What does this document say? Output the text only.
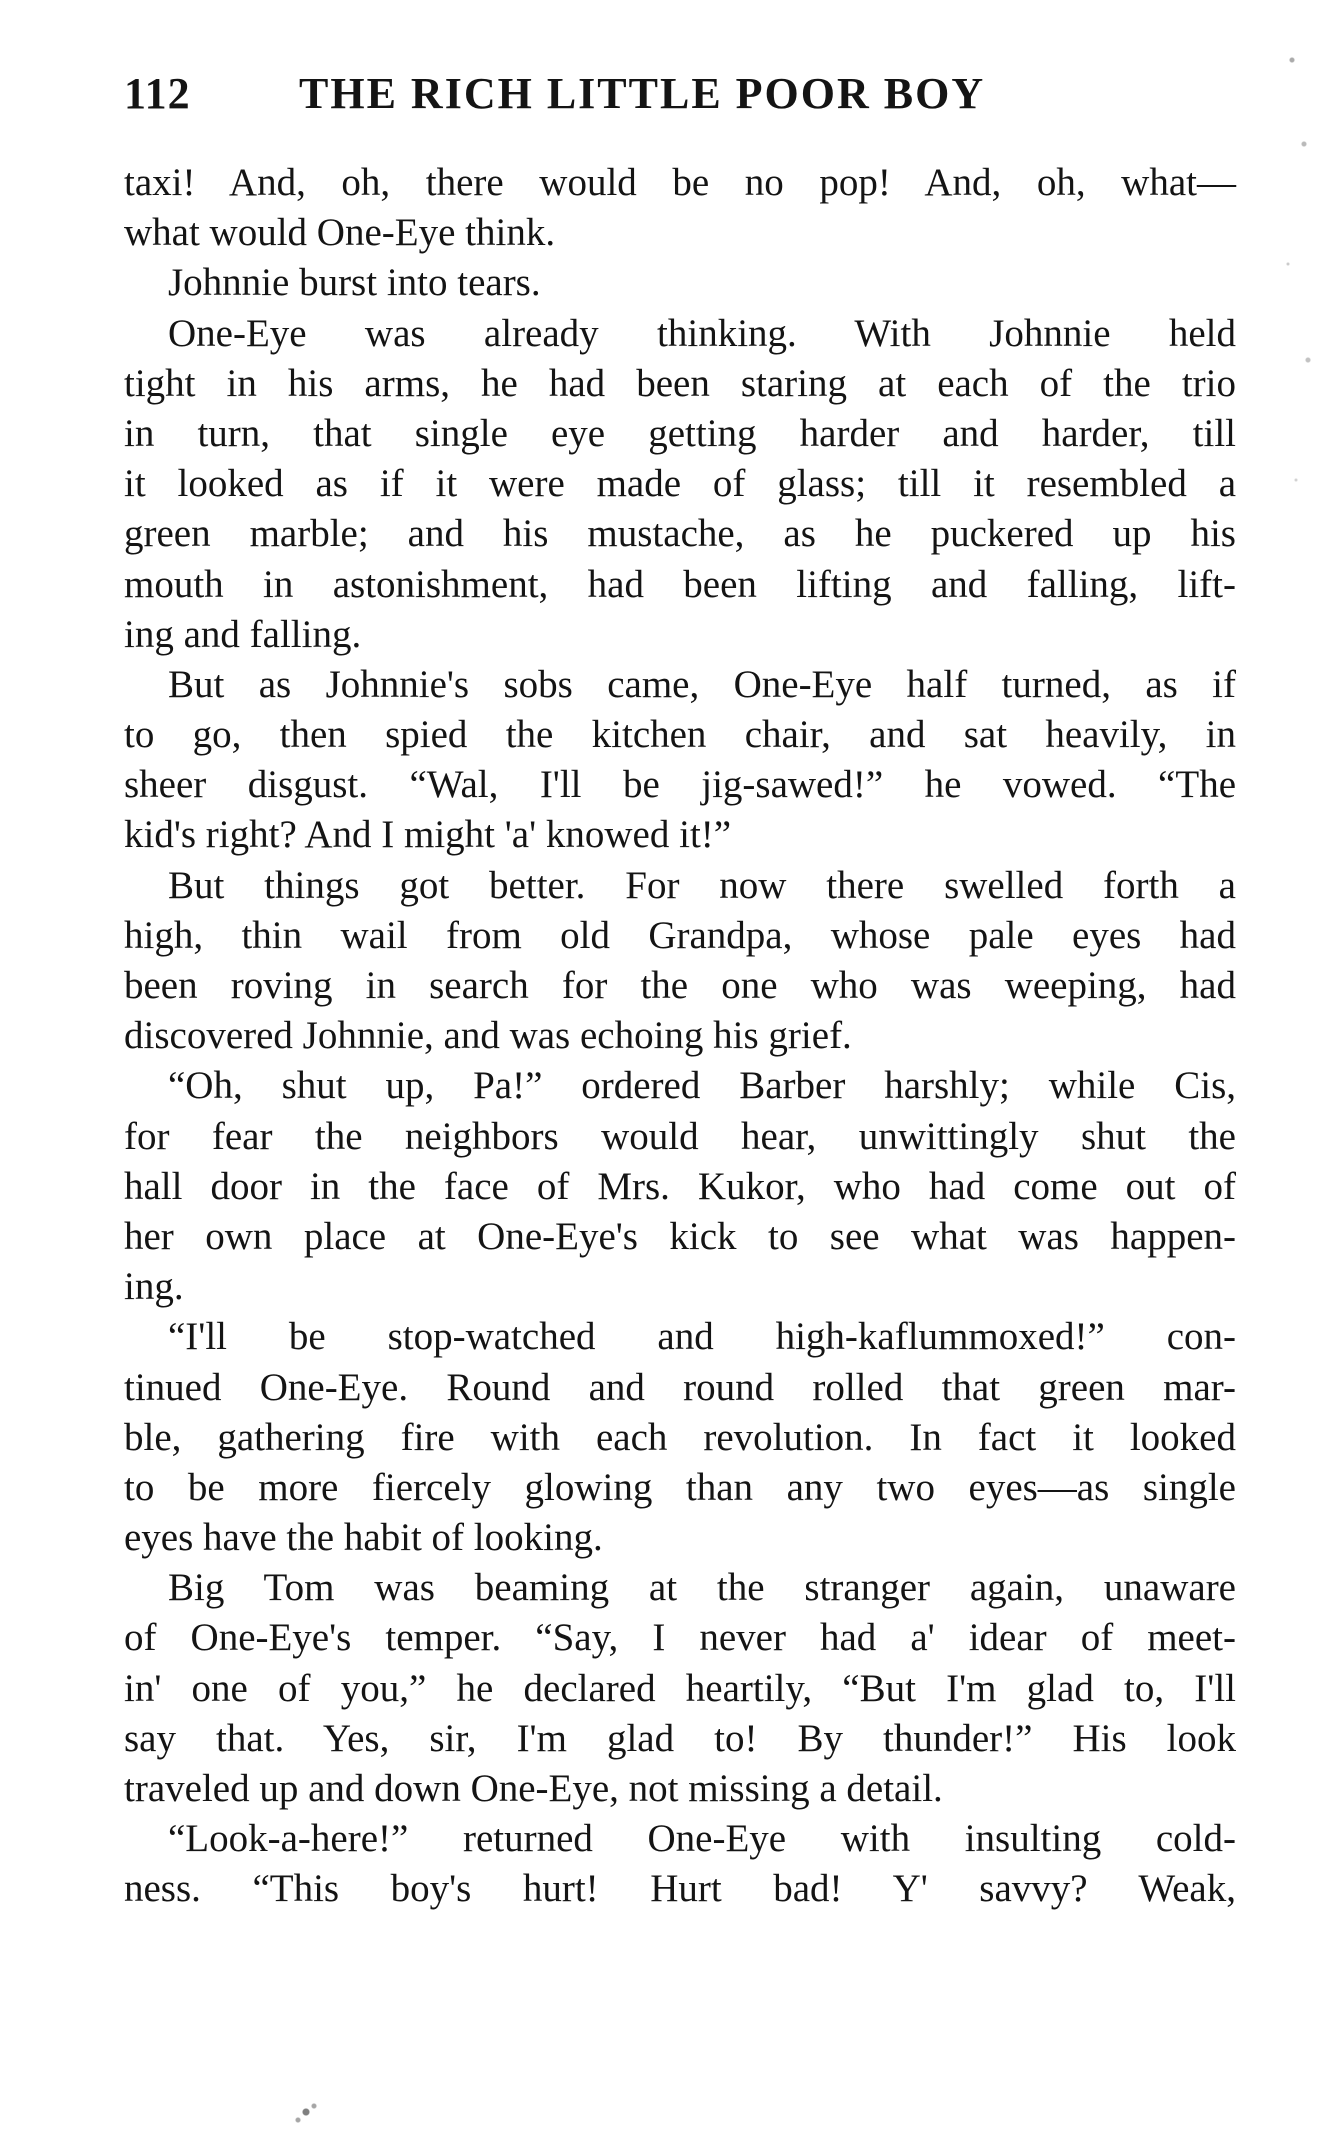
112 THE RICH LITTLE POOR BOY
taxi! And, oh, there would be no pop! And, oh, what—
what would One-Eye think.
Johnnie burst into tears.
One-Eye was already thinking. With Johnnie held
tight in his arms, he had been staring at each of the trio
in turn, that single eye getting harder and harder, till
it looked as if it were made of glass; till it resembled a
green marble; and his mustache, as he puckered up his
mouth in astonishment, had been lifting and falling, lift-
ing and falling.
But as Johnnie's sobs came, One-Eye half turned, as if
to go, then spied the kitchen chair, and sat heavily, in
sheer disgust. “Wal, I'll be jig-sawed!” he vowed. “The
kid's right? And I might 'a' knowed it!”
But things got better. For now there swelled forth a
high, thin wail from old Grandpa, whose pale eyes had
been roving in search for the one who was weeping, had
discovered Johnnie, and was echoing his grief.
“Oh, shut up, Pa!” ordered Barber harshly; while Cis,
for fear the neighbors would hear, unwittingly shut the
hall door in the face of Mrs. Kukor, who had come out of
her own place at One-Eye's kick to see what was happen-
ing.
“I'll be stop-watched and high-kaflummoxed!” con-
tinued One-Eye. Round and round rolled that green mar-
ble, gathering fire with each revolution. In fact it looked
to be more fiercely glowing than any two eyes—as single
eyes have the habit of looking.
Big Tom was beaming at the stranger again, unaware
of One-Eye's temper. “Say, I never had a' idear of meet-
in' one of you,” he declared heartily, “But I'm glad to, I'll
say that. Yes, sir, I'm glad to! By thunder!” His look
traveled up and down One-Eye, not missing a detail.
“Look-a-here!” returned One-Eye with insulting cold-
ness. “This boy's hurt! Hurt bad! Y' savvy? Weak,
